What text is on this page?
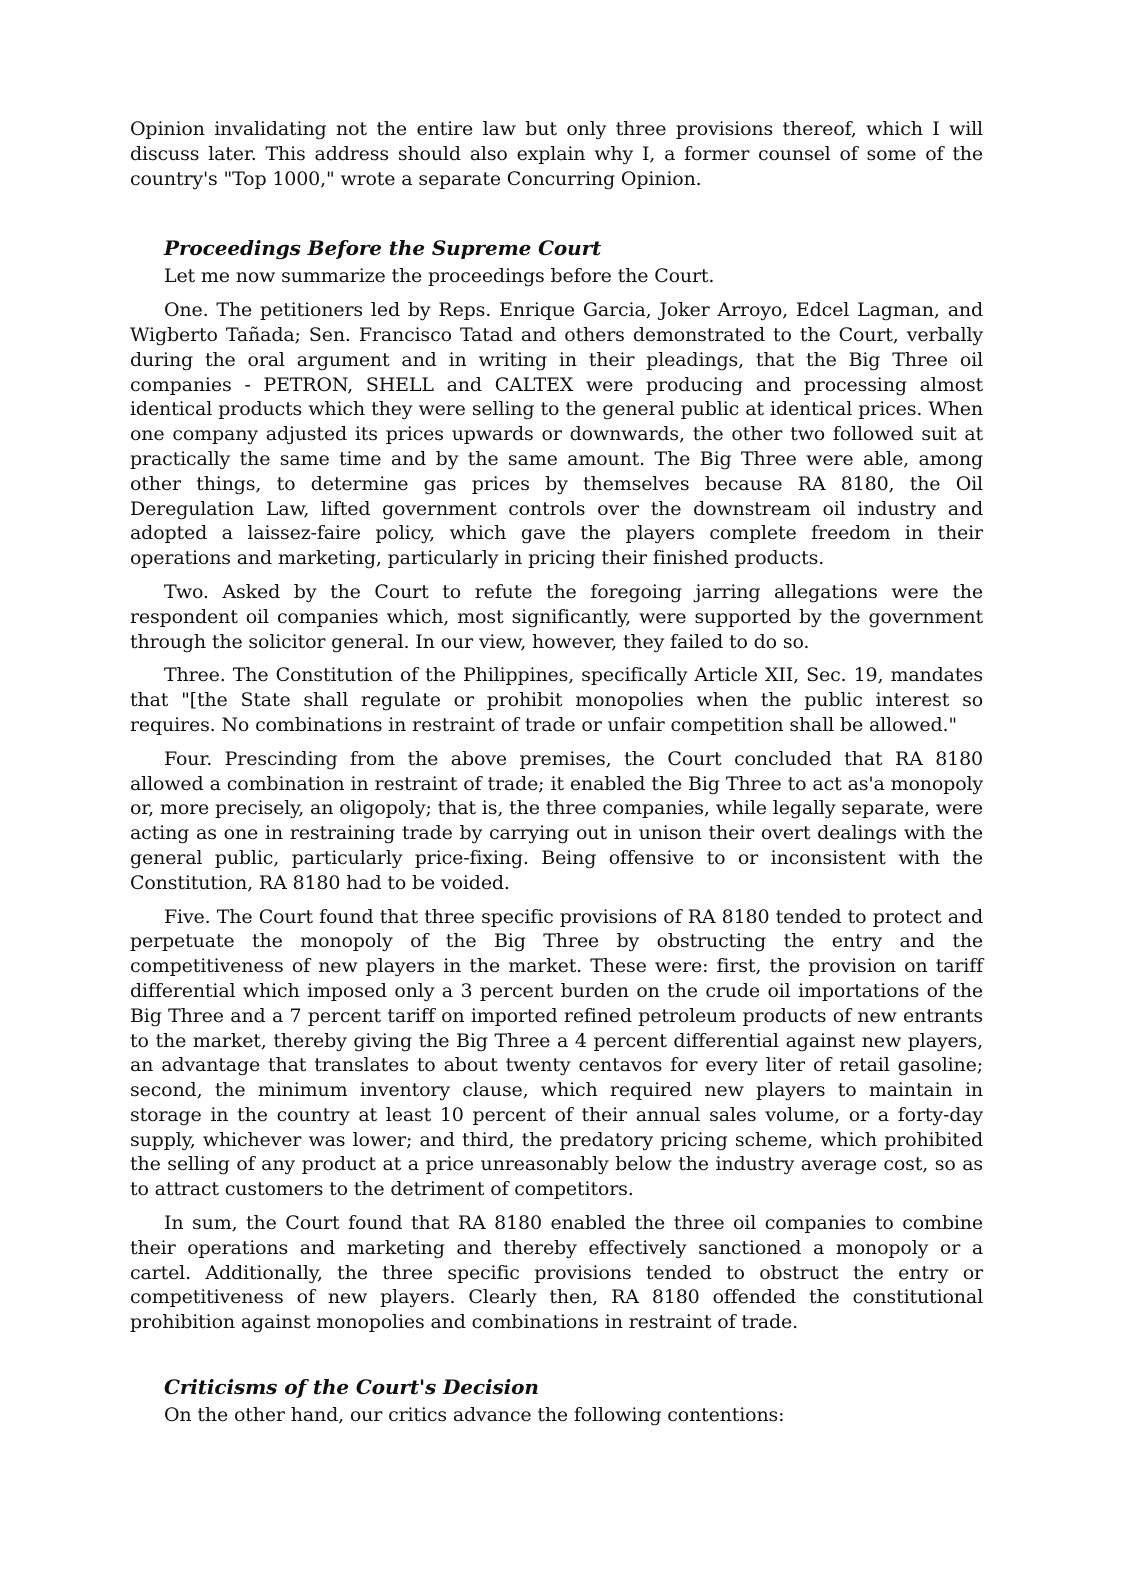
Opinion invalidating not the entire law but only three provisions thereof, which I will discuss later. This address should also explain why I, a former counsel of some of the country's "Top 1000," wrote a separate Concurring Opinion.

Proceedings Before the Supreme Court

Let me now summarize the proceedings before the Court.

One. The petitioners led by Reps. Enrique Garcia, Joker Arroyo, Edcel Lagman, and Wigberto Tañada; Sen. Francisco Tatad and others demonstrated to the Court, verbally during the oral argument and in writing in their pleadings, that the Big Three oil companies - PETRON, SHELL and CALTEX were producing and processing almost identical products which they were selling to the general public at identical prices. When one company adjusted its prices upwards or downwards, the other two followed suit at practically the same time and by the same amount. The Big Three were able, among other things, to determine gas prices by themselves because RA 8180, the Oil Deregulation Law, lifted government controls over the downstream oil industry and adopted a laissez-faire policy, which gave the players complete freedom in their operations and marketing, particularly in pricing their finished products.

Two. Asked by the Court to refute the foregoing jarring allegations were the respondent oil companies which, most significantly, were supported by the government through the solicitor general. In our view, however, they failed to do so.

Three. The Constitution of the Philippines, specifically Article XII, Sec. 19, mandates that "[the State shall regulate or prohibit monopolies when the public interest so requires. No combinations in restraint of trade or unfair competition shall be allowed."

Four. Prescinding from the above premises, the Court concluded that RA 8180 allowed a combination in restraint of trade; it enabled the Big Three to act as'a monopoly or, more precisely, an oligopoly; that is, the three companies, while legally separate, were acting as one in restraining trade by carrying out in unison their overt dealings with the general public, particularly price-fixing. Being offensive to or inconsistent with the Constitution, RA 8180 had to be voided.

Five. The Court found that three specific provisions of RA 8180 tended to protect and perpetuate the monopoly of the Big Three by obstructing the entry and the competitiveness of new players in the market. These were: first, the provision on tariff differential which imposed only a 3 percent burden on the crude oil importations of the Big Three and a 7 percent tariff on imported refined petroleum products of new entrants to the market, thereby giving the Big Three a 4 percent differential against new players, an advantage that translates to about twenty centavos for every liter of retail gasoline; second, the minimum inventory clause, which required new players to maintain in storage in the country at least 10 percent of their annual sales volume, or a forty-day supply, whichever was lower; and third, the predatory pricing scheme, which prohibited the selling of any product at a price unreasonably below the industry average cost, so as to attract customers to the detriment of competitors.

In sum, the Court found that RA 8180 enabled the three oil companies to combine their operations and marketing and thereby effectively sanctioned a monopoly or a cartel. Additionally, the three specific provisions tended to obstruct the entry or competitiveness of new players. Clearly then, RA 8180 offended the constitutional prohibition against monopolies and combinations in restraint of trade.

Criticisms of the Court's Decision

On the other hand, our critics advance the following contentions:
